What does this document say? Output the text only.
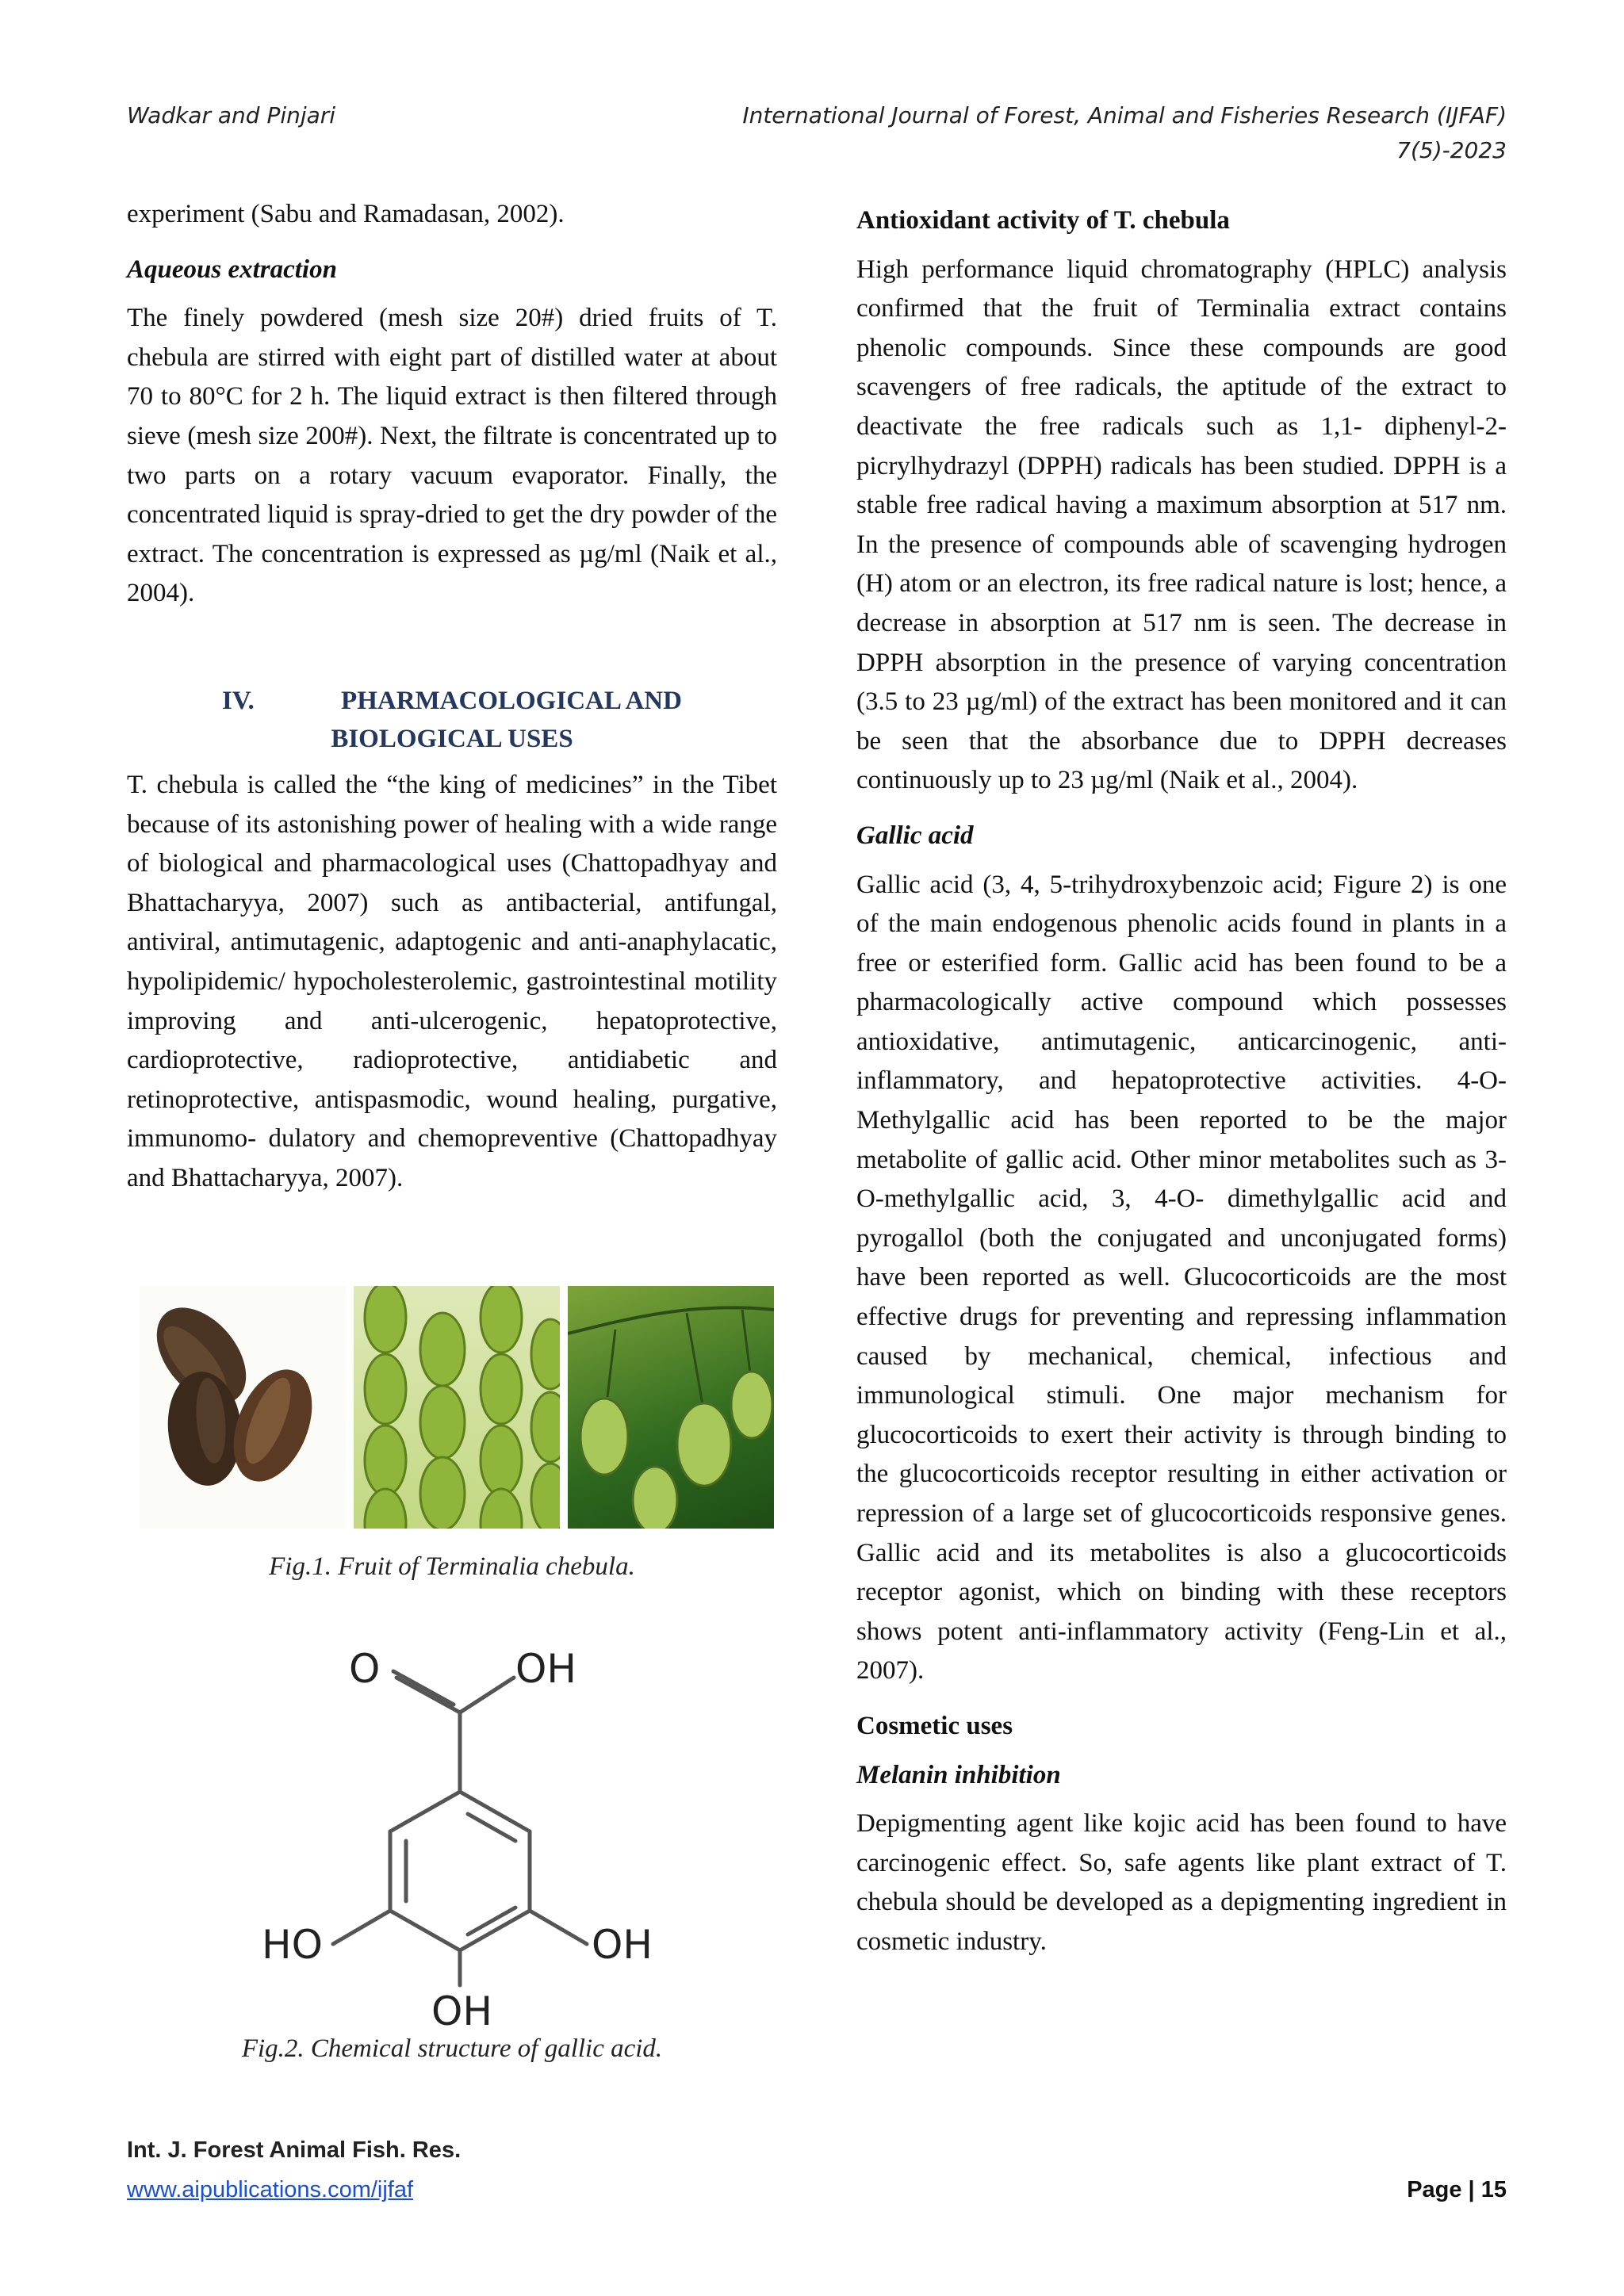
Wadkar and Pinjari	International Journal of Forest, Animal and Fisheries Research (IJFAF)
7(5)-2023

experiment (Sabu and Ramadasan, 2002).

Aqueous extraction

The finely powdered (mesh size 20#) dried fruits of T. chebula are stirred with eight part of distilled water at about 70 to 80°C for 2 h. The liquid extract is then filtered through sieve (mesh size 200#). Next, the filtrate is concentrated up to two parts on a rotary vacuum evaporator. Finally, the concentrated liquid is spray-dried to get the dry powder of the extract. The concentration is expressed as µg/ml (Naik et al., 2004).

IV.	PHARMACOLOGICAL AND
BIOLOGICAL USES

T. chebula is called the “the king of medicines” in the Tibet because of its astonishing power of healing with a wide range of biological and pharmacological uses (Chattopadhyay and Bhattacharyya, 2007) such as antibacterial, antifungal, antiviral, antimutagenic, adaptogenic and anti-anaphylacatic, hypolipidemic/ hypocholesterolemic, gastrointestinal motility improving and anti-ulcerogenic, hepatoprotective, cardioprotective, radioprotective, antidiabetic and retinoprotective, antispasmodic, wound healing, purgative, immunomo- dulatory and chemopreventive (Chattopadhyay and Bhattacharyya, 2007).

Fig.1. Fruit of Terminalia chebula.
O	OH
HO	OH
OH
Fig.2. Chemical structure of gallic acid.

Antioxidant activity of T. chebula

High performance liquid chromatography (HPLC) analysis confirmed that the fruit of Terminalia extract contains phenolic compounds. Since these compounds are good scavengers of free radicals, the aptitude of the extract to deactivate the free radicals such as 1,1- diphenyl-2-picrylhydrazyl (DPPH) radicals has been studied. DPPH is a stable free radical having a maximum absorption at 517 nm. In the presence of compounds able of scavenging hydrogen (H) atom or an electron, its free radical nature is lost; hence, a decrease in absorption at 517 nm is seen. The decrease in DPPH absorption in the presence of varying concentration (3.5 to 23 µg/ml) of the extract has been monitored and it can be seen that the absorbance due to DPPH decreases continuously up to 23 µg/ml (Naik et al., 2004).

Gallic acid

Gallic acid (3, 4, 5-trihydroxybenzoic acid; Figure 2) is one of the main endogenous phenolic acids found in plants in a free or esterified form. Gallic acid has been found to be a pharmacologically active compound which possesses antioxidative, antimutagenic, anticarcinogenic, anti-inflammatory, and hepatoprotective activities. 4-O- Methylgallic acid has been reported to be the major metabolite of gallic acid. Other minor metabolites such as 3-O-methylgallic acid, 3, 4-O- dimethylgallic acid and pyrogallol (both the conjugated and unconjugated forms) have been reported as well. Glucocorticoids are the most effective drugs for preventing and repressing inflammation caused by mechanical, chemical, infectious and immunological stimuli. One major mechanism for glucocorticoids to exert their activity is through binding to the glucocorticoids receptor resulting in either activation or repression of a large set of glucocorticoids responsive genes. Gallic acid and its metabolites is also a glucocorticoids receptor agonist, which on binding with these receptors shows potent anti-inflammatory activity (Feng-Lin et al., 2007).

Cosmetic uses

Melanin inhibition

Depigmenting agent like kojic acid has been found to have carcinogenic effect. So, safe agents like plant extract of T. chebula should be developed as a depigmenting ingredient in cosmetic industry.

Int. J. Forest Animal Fish. Res.
www.aipublications.com/ijfaf	Page | 15
